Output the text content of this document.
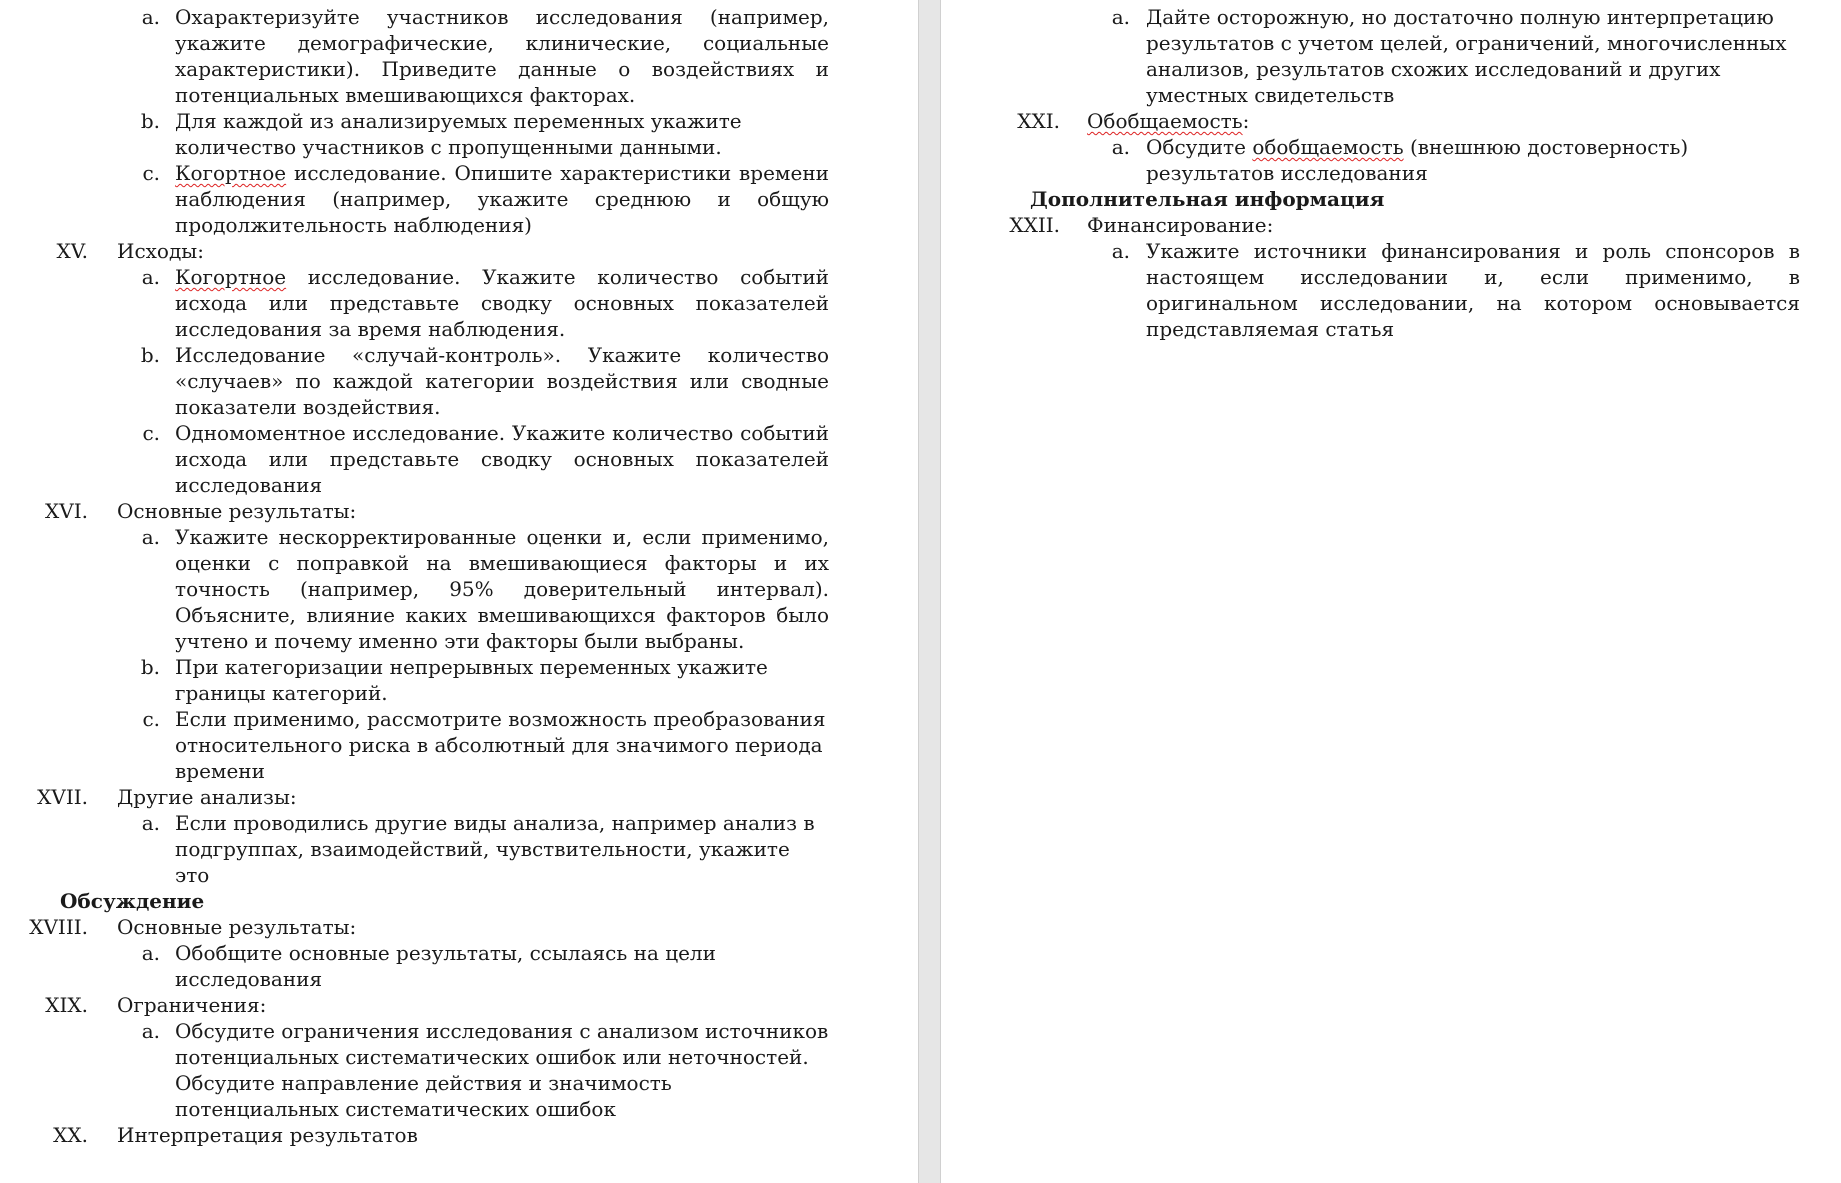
a. Охарактеризуйте участников исследования (например, укажите демографические, клинические, социальные характеристики). Приведите данные о воздействиях и потенциальных вмешивающихся факторах.
b. Для каждой из анализируемых переменных укажите количество участников с пропущенными данными.
c. Когортное исследование. Опишите характеристики времени наблюдения (например, укажите среднюю и общую продолжительность наблюдения)
XV. Исходы:
a. Когортное исследование. Укажите количество событий исхода или представьте сводку основных показателей исследования за время наблюдения.
b. Исследование «случай-контроль». Укажите количество «случаев» по каждой категории воздействия или сводные показатели воздействия.
c. Одномоментное исследование. Укажите количество событий исхода или представьте сводку основных показателей исследования
XVI. Основные результаты:
a. Укажите нескорректированные оценки и, если применимо, оценки с поправкой на вмешивающиеся факторы и их точность (например, 95% доверительный интервал). Объясните, влияние каких вмешивающихся факторов было учтено и почему именно эти факторы были выбраны.
b. При категоризации непрерывных переменных укажите границы категорий.
c. Если применимо, рассмотрите возможность преобразования относительного риска в абсолютный для значимого периода времени
XVII. Другие анализы:
a. Если проводились другие виды анализа, например анализ в подгруппах, взаимодействий, чувствительности, укажите это
Обсуждение
XVIII. Основные результаты:
a. Обобщите основные результаты, ссылаясь на цели исследования
XIX. Ограничения:
a. Обсудите ограничения исследования с анализом источников потенциальных систематических ошибок или неточностей. Обсудите направление действия и значимость потенциальных систематических ошибок
XX. Интерпретация результатов
a. Дайте осторожную, но достаточно полную интерпретацию результатов с учетом целей, ограничений, многочисленных анализов, результатов схожих исследований и других уместных свидетельств
XXI. Обобщаемость:
a. Обсудите обобщаемость (внешнюю достоверность) результатов исследования
Дополнительная информация
XXII. Финансирование:
a. Укажите источники финансирования и роль спонсоров в настоящем исследовании и, если применимо, в оригинальном исследовании, на котором основывается представляемая статья
